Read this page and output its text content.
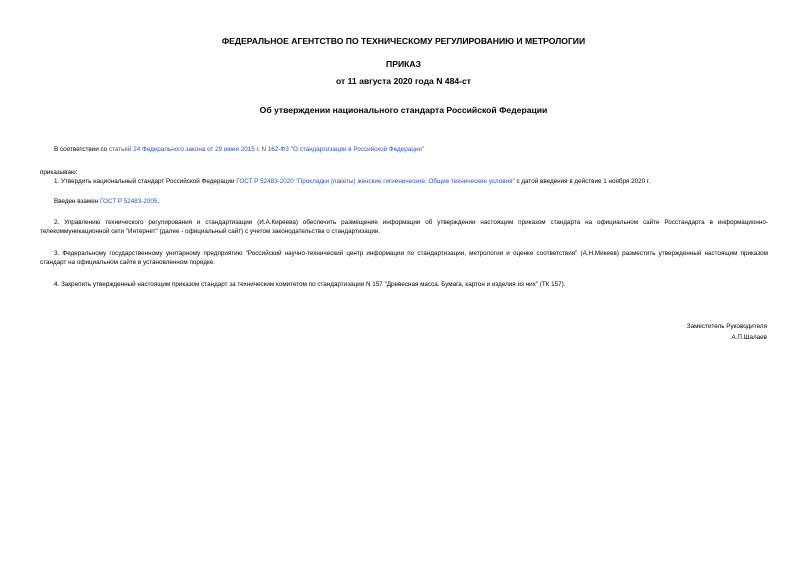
ФЕДЕРАЛЬНОЕ АГЕНТСТВО ПО ТЕХНИЧЕСКОМУ РЕГУЛИРОВАНИЮ И МЕТРОЛОГИИ
ПРИКАЗ
от 11 августа 2020 года N 484-ст
Об утверждении национального стандарта Российской Федерации
В соответствии со статьей 24 Федерального закона от 29 июня 2015 г. N 162-ФЗ "О стандартизации в Российской Федерации"
приказываю:
1. Утвердить национальный стандарт Российской Федерации ГОСТ Р 52483-2020 "Прокладки (пакеты) женские гигиенические. Общие технические условия" с датой введения в действие 1 ноября 2020 г.
Введен взамен ГОСТ Р 52483-2005.
2. Управлению технического регулирования и стандартизации (И.А.Киреева) обеспечить размещение информации об утверждении настоящим приказом стандарта на официальном сайте Росстандарта в информационно-телекоммуникационной сети "Интернет" (далее - официальный сайт) с учетом законодательства о стандартизации.
3. Федеральному государственному унитарному предприятию "Российский научно-технический центр информации по стандартизации, метрологии и оценке соответствия" (А.Н.Микеев) разместить утвержденный настоящим приказом стандарт на официальном сайте в установленном порядке.
4. Закрепить утвержденный настоящим приказом стандарт за техническим комитетом по стандартизации N 157 "Древесная масса. Бумага, картон и изделия из них" (ТК 157).
Заместитель Руководителя
А.П.Шалаев
